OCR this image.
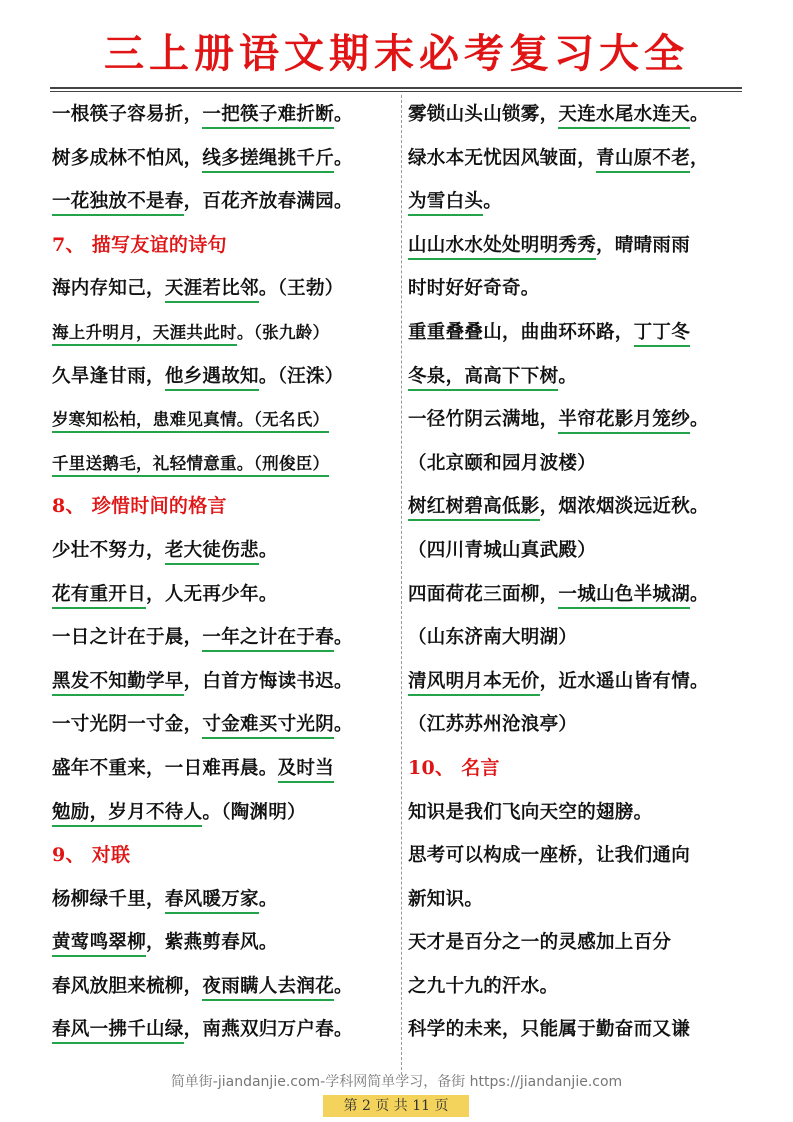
三上册语文期末必考复习大全
一根筷子容易折，一把筷子难折断。
树多成林不怕风，线多搓绳挑千斤。
一花独放不是春，百花齐放春满园。
7、 描写友谊的诗句
海内存知己，天涯若比邻。（王勃）
海上升明月，天涯共此时。（张九龄）
久旱逢甘雨，他乡遇故知。（汪洙）
岁寒知松柏，患难见真情。（无名氏）
千里送鹅毛，礼轻情意重。（刑俊臣）
8、 珍惜时间的格言
少壮不努力，老大徒伤悲。
花有重开日，人无再少年。
一日之计在于晨，一年之计在于春。
黑发不知勤学早，白首方悔读书迟。
一寸光阴一寸金，寸金难买寸光阴。
盛年不重来，一日难再晨。及时当
勉励，岁月不待人。（陶渊明）
9、 对联
杨柳绿千里，春风暖万家。
黄莺鸣翠柳，紫燕剪春风。
春风放胆来梳柳，夜雨瞒人去润花。
春风一拂千山绿，南燕双归万户春。
雾锁山头山锁雾，天连水尾水连天。
绿水本无忧因风皱面，青山原不老，
为雪白头。
山山水水处处明明秀秀，晴晴雨雨
时时好好奇奇。
重重叠叠山，曲曲环环路，丁丁冬
冬泉，高高下下树。
一径竹阴云满地，半帘花影月笼纱。
（北京颐和园月波楼）
树红树碧高低影，烟浓烟淡远近秋。
（四川青城山真武殿）
四面荷花三面柳，一城山色半城湖。
（山东济南大明湖）
清风明月本无价，近水遥山皆有情。
（江苏苏州沧浪亭）
10、 名言
知识是我们飞向天空的翅膀。
思考可以构成一座桥，让我们通向
新知识。
天才是百分之一的灵感加上百分
之九十九的汗水。
科学的未来，只能属于勤奋而又谦
简单街-jiandanjie.com-学科网简单学习，备街 https://jiandanjie.com
第 2 页 共 11 页
